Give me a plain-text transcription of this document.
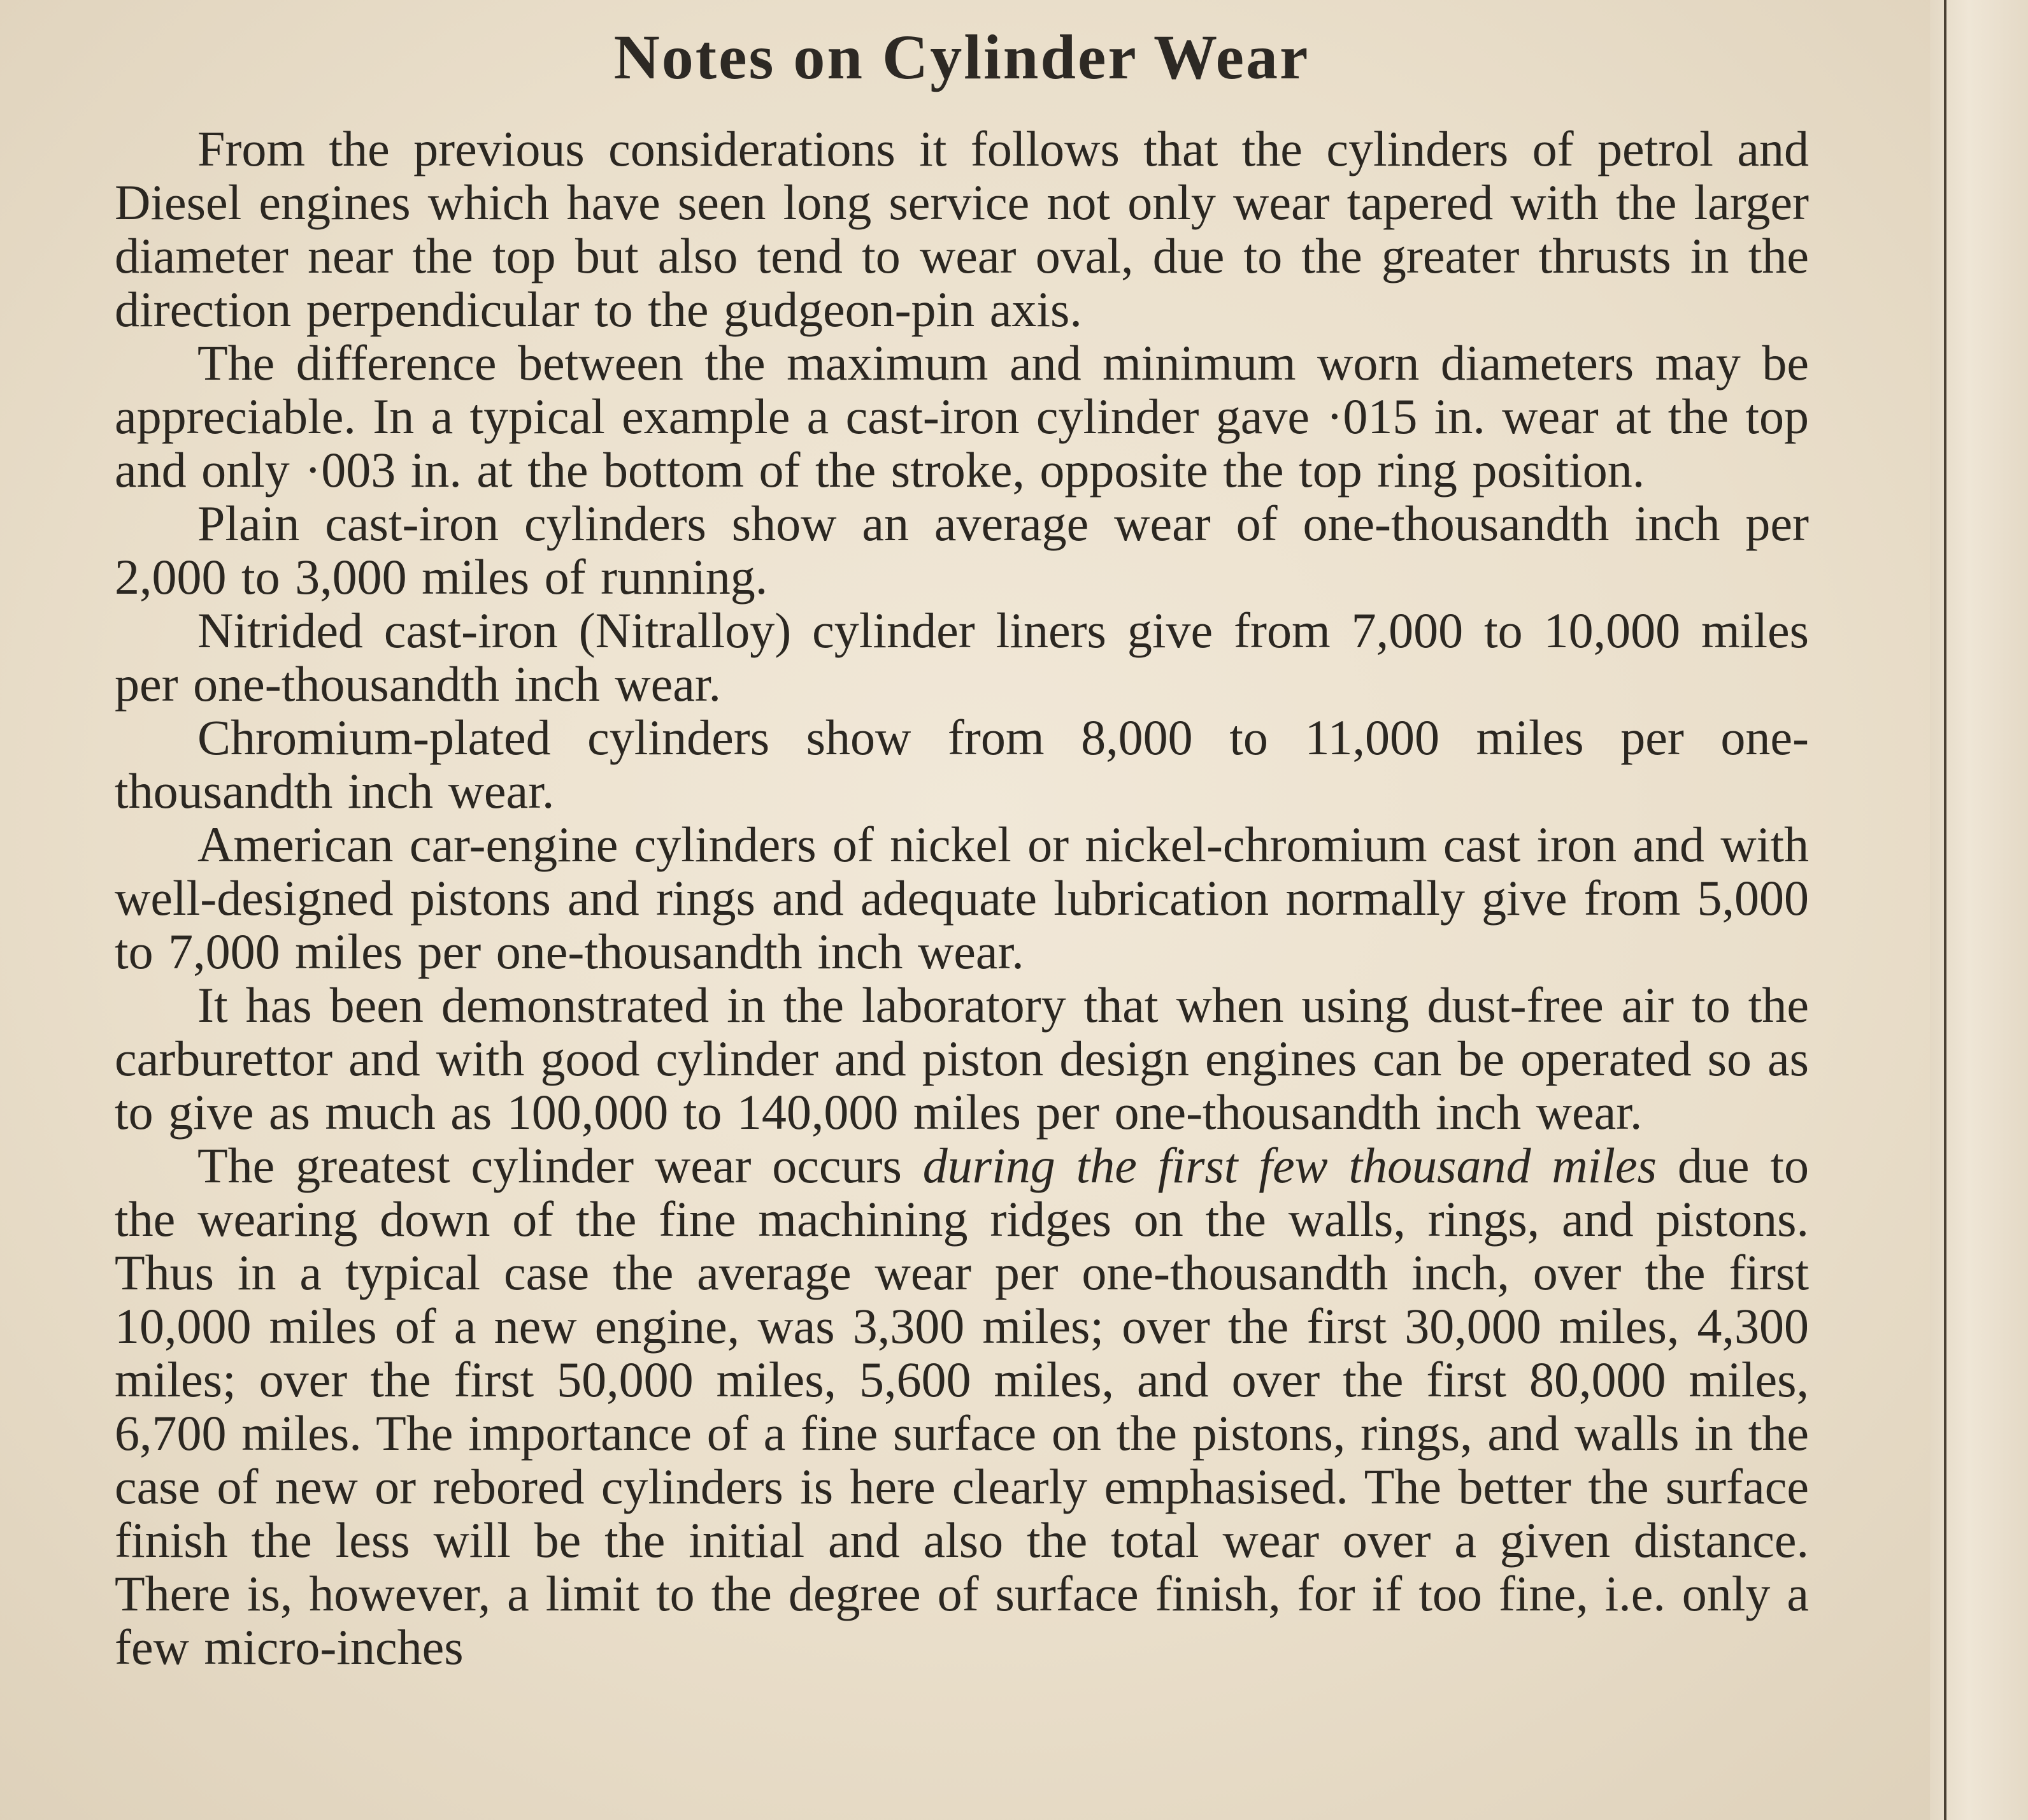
Notes on Cylinder Wear

From the previous considerations it follows that the cylinders of petrol and Diesel engines which have seen long service not only wear tapered with the larger diameter near the top but also tend to wear oval, due to the greater thrusts in the direction perpendicular to the gudgeon-pin axis.

The difference between the maximum and minimum worn diameters may be appreciable. In a typical example a cast-iron cylinder gave ·015 in. wear at the top and only ·003 in. at the bottom of the stroke, opposite the top ring position.

Plain cast-iron cylinders show an average wear of one-thousandth inch per 2,000 to 3,000 miles of running.

Nitrided cast-iron (Nitralloy) cylinder liners give from 7,000 to 10,000 miles per one-thousandth inch wear.

Chromium-plated cylinders show from 8,000 to 11,000 miles per one-thousandth inch wear.

American car-engine cylinders of nickel or nickel-chromium cast iron and with well-designed pistons and rings and adequate lubrication normally give from 5,000 to 7,000 miles per one-thousandth inch wear.

It has been demonstrated in the laboratory that when using dust-free air to the carburettor and with good cylinder and piston design engines can be operated so as to give as much as 100,000 to 140,000 miles per one-thousandth inch wear.

The greatest cylinder wear occurs during the first few thousand miles due to the wearing down of the fine machining ridges on the walls, rings, and pistons. Thus in a typical case the average wear per one-thousandth inch, over the first 10,000 miles of a new engine, was 3,300 miles; over the first 30,000 miles, 4,300 miles; over the first 50,000 miles, 5,600 miles, and over the first 80,000 miles, 6,700 miles. The importance of a fine surface on the pistons, rings, and walls in the case of new or rebored cylinders is here clearly emphasised. The better the surface finish the less will be the initial and also the total wear over a given distance. There is, however, a limit to the degree of surface finish, for if too fine, i.e. only a few micro-inches
